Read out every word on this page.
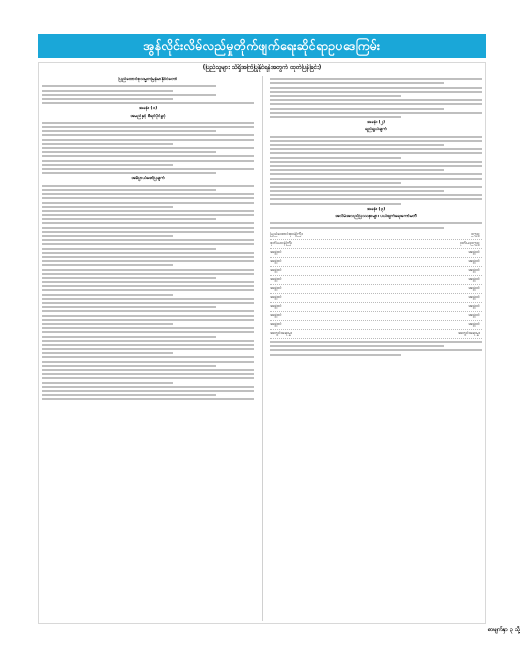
အွန်လိုင်းလိမ်လည်မှုတိုက်ဖျက်ရေးဆိုင်ရာဥပဒေကြမ်း
(ပြည်သူများ သိရှိအကြံပြုနိုင်ရန်အတွက် ထုတ်ပြန်ခြင်း)
ပြည်ထောင်စုသမ္မတမြန်မာနိုင်ငံတော်
အခန်း (၁)
အမည်နှင့် စီရင်ပိုင်ခွင့်
အဓိပ္ပာယ်ဖော်ပြချက်
အခန်း (၂)
ရည်ရွယ်ချက်
အခန်း (၃)
အလိမ်အလည်ပြဿနာများ ပယ်ဖျက်ရေးကော်မတီ
ပြည်ထောင်စုဝန်ကြီး	ဥက္ကဋ္ဌ
ဒုတိယဝန်ကြီး	ဒုတိယဥက္ကဋ္ဌ
အဖွဲ့ဝင်	အဖွဲ့ဝင်
အဖွဲ့ဝင်	အဖွဲ့ဝင်
အဖွဲ့ဝင်	အဖွဲ့ဝင်
အဖွဲ့ဝင်	အဖွဲ့ဝင်
အဖွဲ့ဝင်	အဖွဲ့ဝင်
အဖွဲ့ဝင်	အဖွဲ့ဝင်
အဖွဲ့ဝင်	အဖွဲ့ဝင်
အဖွဲ့ဝင်	အဖွဲ့ဝင်
အဖွဲ့ဝင်	အဖွဲ့ဝင်
အတွင်းရေးမှူး	အတွင်းရေးမှူး
စာမျက်နှာ ၃ သို့
